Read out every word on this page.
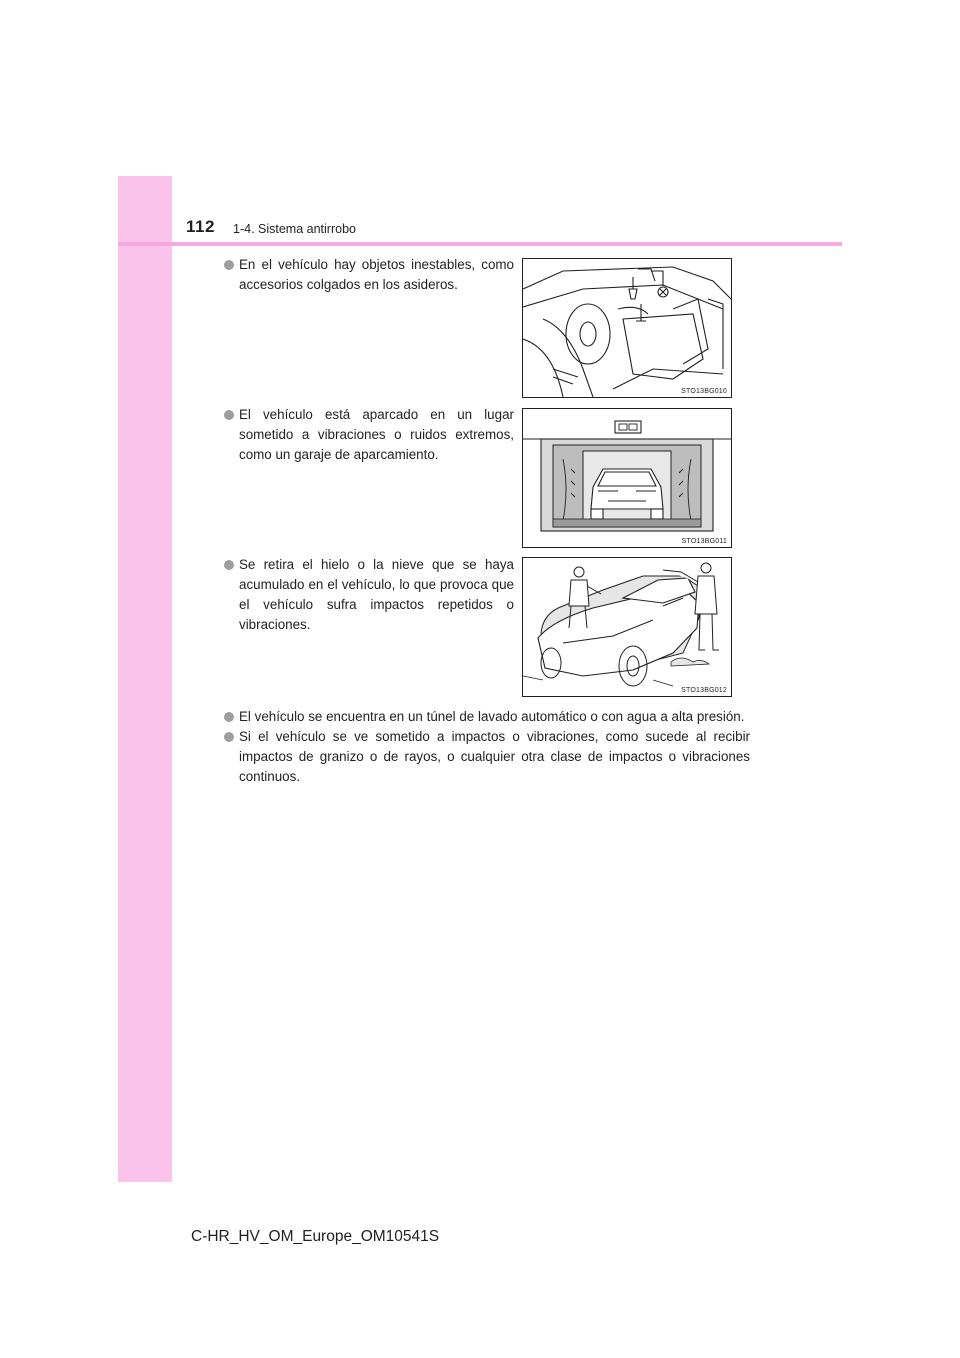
112 1-4. Sistema antirrobo
En el vehículo hay objetos inestables, como accesorios colgados en los asideros.
STO13BG010
El vehículo está aparcado en un lugar sometido a vibraciones o ruidos extremos, como un garaje de aparcamiento.
STO13BG011
Se retira el hielo o la nieve que se haya acumulado en el vehículo, lo que provoca que el vehículo sufra impactos repetidos o vibraciones.
STO13BG012
El vehículo se encuentra en un túnel de lavado automático o con agua a alta presión.
Si el vehículo se ve sometido a impactos o vibraciones, como sucede al recibir impactos de granizo o de rayos, o cualquier otra clase de impactos o vibraciones continuos.
C-HR_HV_OM_Europe_OM10541S
